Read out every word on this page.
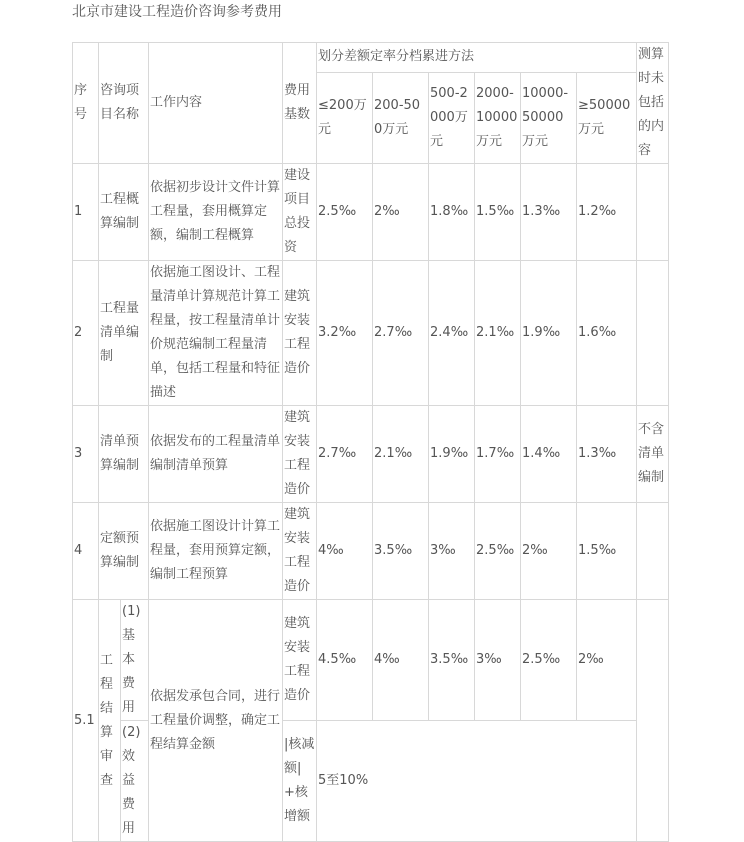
北京市建设工程造价咨询参考费用
序号	咨询项目名称		工作内容	费用基数	划分差额定率分档累进方法						测算时未包括的内容
					≤200万元	200-500万元	500-2000万元	2000-10000万元	10000-50000万元	≥50000万元	
1	工程概算编制		依据初步设计文件计算工程量，套用概算定额，编制工程概算	建设项目总投资	2.5‰	2‰	1.8‰	1.5‰	1.3‰	1.2‰	
2	工程量清单编制		依据施工图设计、工程量清单计算规范计算工程量，按工程量清单计价规范编制工程量清单，包括工程量和特征描述	建筑安装工程造价	3.2‰	2.7‰	2.4‰	2.1‰	1.9‰	1.6‰	
3	清单预算编制		依据发布的工程量清单编制清单预算	建筑安装工程造价	2.7‰	2.1‰	1.9‰	1.7‰	1.4‰	1.3‰	不含清单编制
4	定额预算编制		依据施工图设计计算工程量，套用预算定额，编制工程预算	建筑安装工程造价	4‰	3.5‰	3‰	2.5‰	2‰	1.5‰	
5.1	工程结算审查	(1)基本费用	依据发承包合同，进行工程量价调整，确定工程结算金额	建筑安装工程造价	4.5‰	4‰	3.5‰	3‰	2.5‰	2‰	
		(2)效益费用		|核减额|+核增额	5至10%						
